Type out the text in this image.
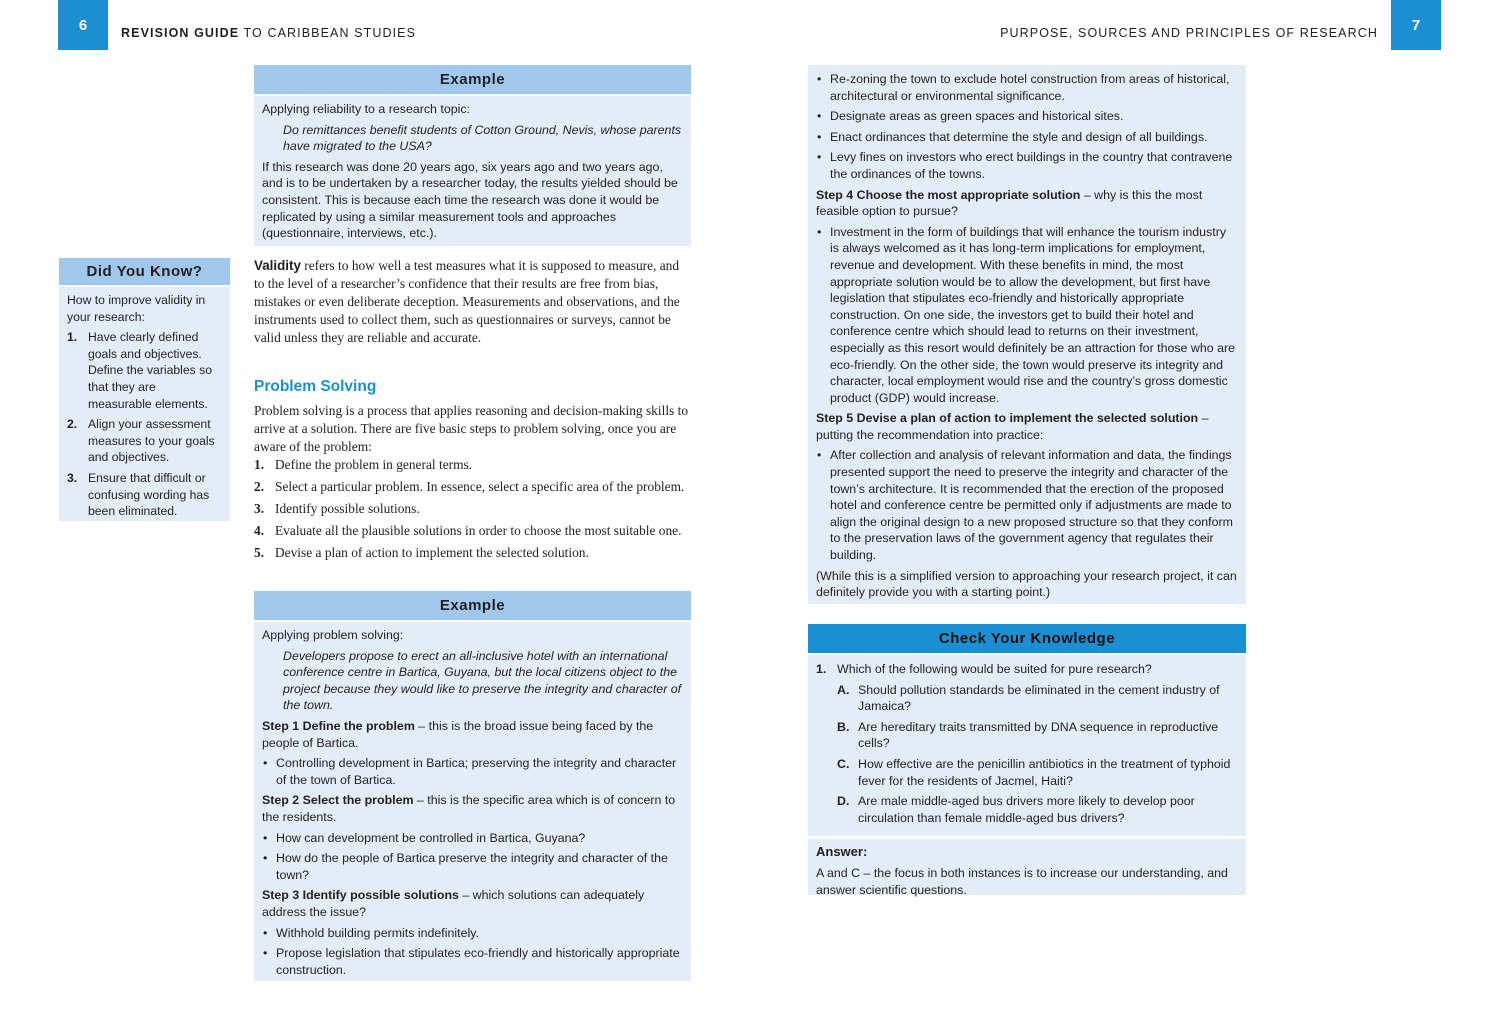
6	REVISION GUIDE TO CARIBBEAN STUDIES	PURPOSE, SOURCES AND PRINCIPLES OF RESEARCH	7
Example

Applying reliability to a research topic:

Do remittances benefit students of Cotton Ground, Nevis, whose parents have migrated to the USA?

If this research was done 20 years ago, six years ago and two years ago, and is to be undertaken by a researcher today, the results yielded should be consistent. This is because each time the research was done it would be replicated by using a similar measurement tools and approaches (questionnaire, interviews, etc.).

Did You Know?

How to improve validity in your research:

1. Have clearly defined goals and objectives. Define the variables so that they are measurable elements.
2. Align your assessment measures to your goals and objectives.
3. Ensure that difficult or confusing wording has been eliminated.

Validity refers to how well a test measures what it is supposed to measure, and to the level of a researcher’s confidence that their results are free from bias, mistakes or even deliberate deception. Measurements and observations, and the instruments used to collect them, such as questionnaires or surveys, cannot be valid unless they are reliable and accurate.

Problem Solving

Problem solving is a process that applies reasoning and decision-making skills to arrive at a solution. There are five basic steps to problem solving, once you are aware of the problem:

1. Define the problem in general terms.
2. Select a particular problem. In essence, select a specific area of the problem.
3. Identify possible solutions.
4. Evaluate all the plausible solutions in order to choose the most suitable one.
5. Devise a plan of action to implement the selected solution.
Example

Applying problem solving:

Developers propose to erect an all-inclusive hotel with an international conference centre in Bartica, Guyana, but the local citizens object to the project because they would like to preserve the integrity and character of the town.

Step 1 Define the problem – this is the broad issue being faced by the people of Bartica.

• Controlling development in Bartica; preserving the integrity and character of the town of Bartica.

Step 2 Select the problem – this is the specific area which is of concern to the residents.

• How can development be controlled in Bartica, Guyana?
• How do the people of Bartica preserve the integrity and character of the town?

Step 3 Identify possible solutions – which solutions can adequately address the issue?

• Withhold building permits indefinitely.
• Propose legislation that stipulates eco-friendly and historically appropriate construction.
• Re-zoning the town to exclude hotel construction from areas of historical, architectural or environmental significance.
• Designate areas as green spaces and historical sites.
• Enact ordinances that determine the style and design of all buildings.
• Levy fines on investors who erect buildings in the country that contravene the ordinances of the towns.

Step 4 Choose the most appropriate solution – why is this the most feasible option to pursue?

• Investment in the form of buildings that will enhance the tourism industry is always welcomed as it has long-term implications for employment, revenue and development. With these benefits in mind, the most appropriate solution would be to allow the development, but first have legislation that stipulates eco-friendly and historically appropriate construction. On one side, the investors get to build their hotel and conference centre which should lead to returns on their investment, especially as this resort would definitely be an attraction for those who are eco-friendly. On the other side, the town would preserve its integrity and character, local employment would rise and the country’s gross domestic product (GDP) would increase.

Step 5 Devise a plan of action to implement the selected solution – putting the recommendation into practice:

• After collection and analysis of relevant information and data, the findings presented support the need to preserve the integrity and character of the town’s architecture. It is recommended that the erection of the proposed hotel and conference centre be permitted only if adjustments are made to align the original design to a new proposed structure so that they conform to the preservation laws of the government agency that regulates their building.

(While this is a simplified version to approaching your research project, it can definitely provide you with a starting point.)

Check Your Knowledge
1. Which of the following would be suited for pure research?
A. Should pollution standards be eliminated in the cement industry of Jamaica?
B. Are hereditary traits transmitted by DNA sequence in reproductive cells?
C. How effective are the penicillin antibiotics in the treatment of typhoid fever for the residents of Jacmel, Haiti?
D. Are male middle-aged bus drivers more likely to develop poor circulation than female middle-aged bus drivers?

Answer:

A and C – the focus in both instances is to increase our understanding, and answer scientific questions.
